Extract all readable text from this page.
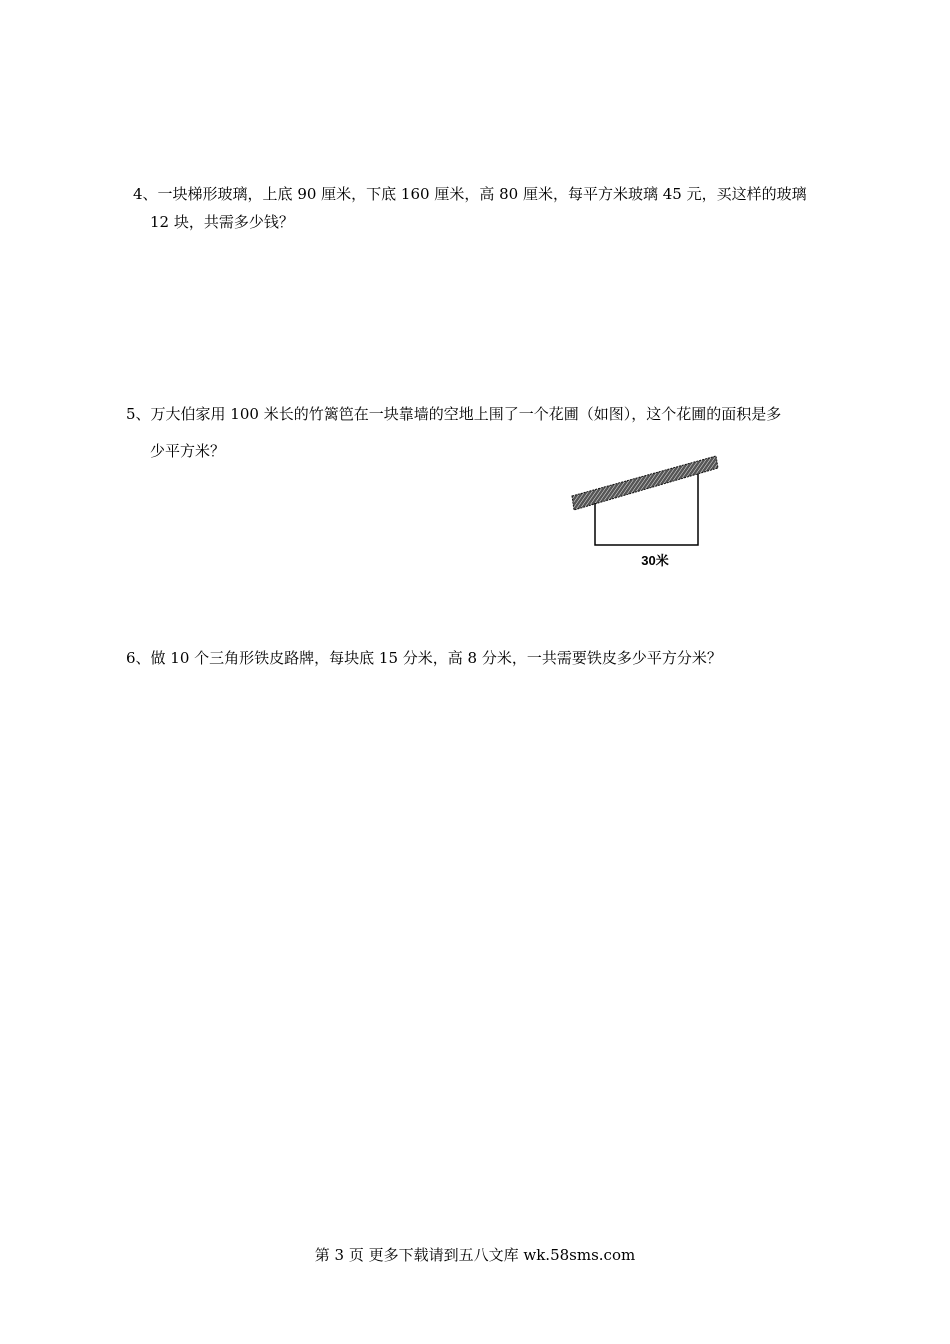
4、一块梯形玻璃，上底 90 厘米，下底 160 厘米，高 80 厘米，每平方米玻璃 45 元，买这样的玻璃

12 块，共需多少钱？

5、万大伯家用 100 米长的竹篱笆在一块靠墙的空地上围了一个花圃（如图），这个花圃的面积是多

少平方米？

30米

6、做 10 个三角形铁皮路牌，每块底 15 分米，高 8 分米，一共需要铁皮多少平方分米？

第 3 页 更多下载请到五八文库 wk.58sms.com
